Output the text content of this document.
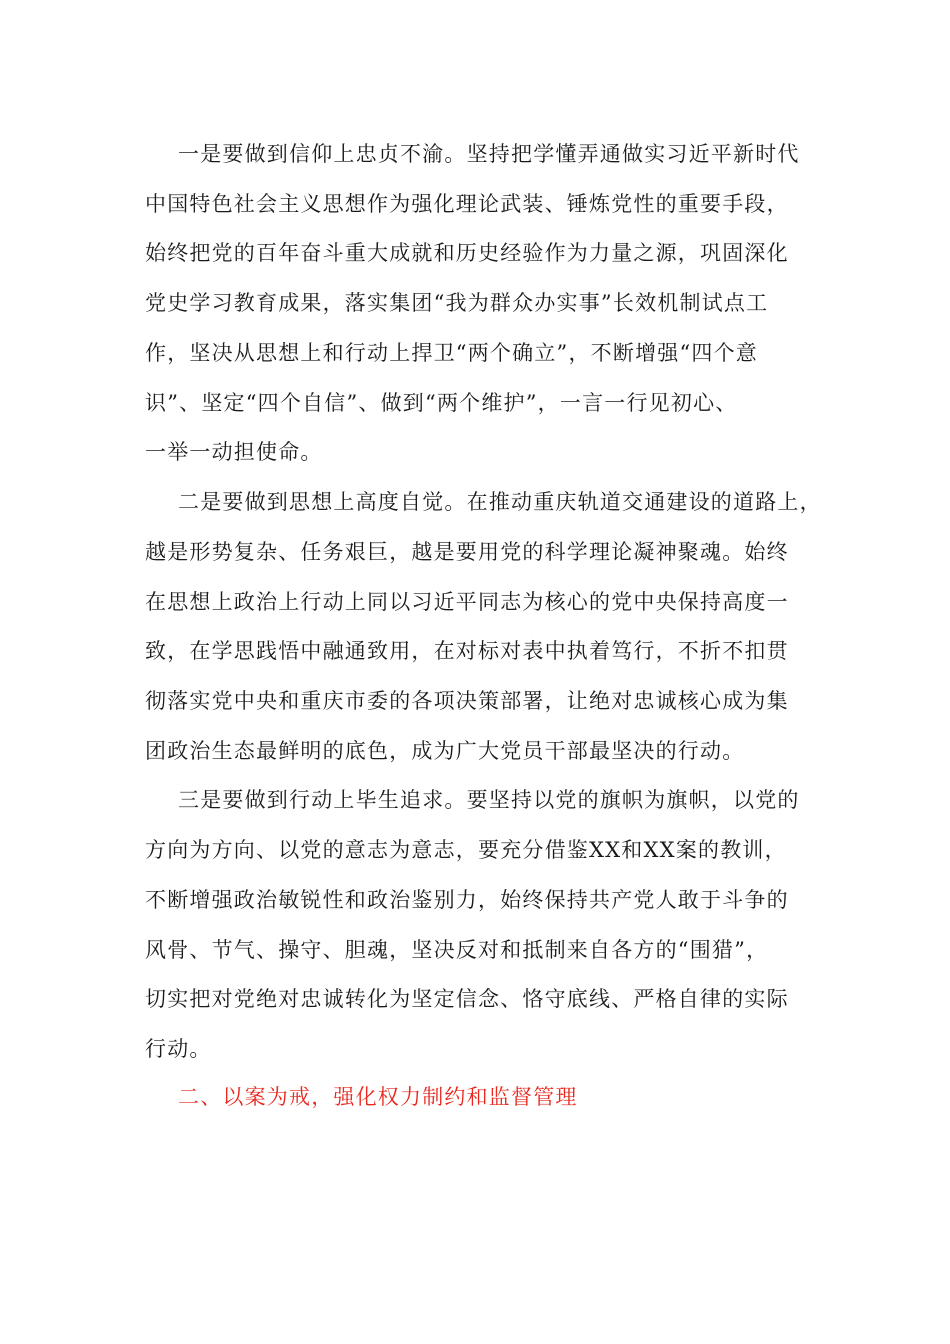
一是要做到信仰上忠贞不渝。坚持把学懂弄通做实习近平新时代
中国特色社会主义思想作为强化理论武装、锤炼党性的重要手段，
始终把党的百年奋斗重大成就和历史经验作为力量之源，巩固深化
党史学习教育成果，落实集团“我为群众办实事”长效机制试点工
作，坚决从思想上和行动上捍卫“两个确立”，不断增强“四个意
识”、坚定“四个自信”、做到“两个维护”，一言一行见初心、
一举一动担使命。
二是要做到思想上高度自觉。在推动重庆轨道交通建设的道路上，
越是形势复杂、任务艰巨，越是要用党的科学理论凝神聚魂。始终
在思想上政治上行动上同以习近平同志为核心的党中央保持高度一
致，在学思践悟中融通致用，在对标对表中执着笃行，不折不扣贯
彻落实党中央和重庆市委的各项决策部署，让绝对忠诚核心成为集
团政治生态最鲜明的底色，成为广大党员干部最坚决的行动。
三是要做到行动上毕生追求。要坚持以党的旗帜为旗帜，以党的
方向为方向、以党的意志为意志，要充分借鉴XX和XX案的教训，
不断增强政治敏锐性和政治鉴别力，始终保持共产党人敢于斗争的
风骨、节气、操守、胆魂，坚决反对和抵制来自各方的“围猎”，
切实把对党绝对忠诚转化为坚定信念、恪守底线、严格自律的实际
行动。
二、以案为戒，强化权力制约和监督管理
